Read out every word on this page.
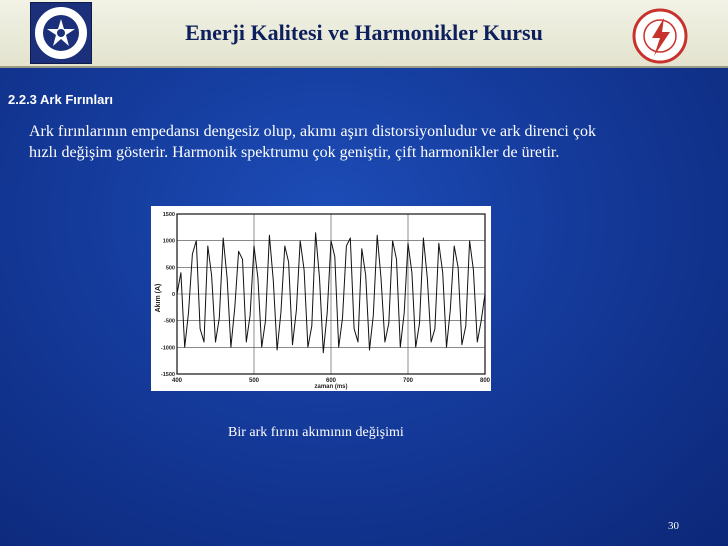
Enerji Kalitesi ve Harmonikler Kursu
2.2.3 Ark Fırınları
Ark fırınlarının empedansı dengesiz olup, akımı aşırı distorsiyonludur ve ark direnci çok
hızlı değişim gösterir. Harmonik spektrumu çok geniştir, çift harmonikler de üretir.
400	500	600	700	800
1500
1000
500
0
-500
-1000
-1500
zaman (ms)
Akım (A)
Bir ark fırını akımının değişimi
30
